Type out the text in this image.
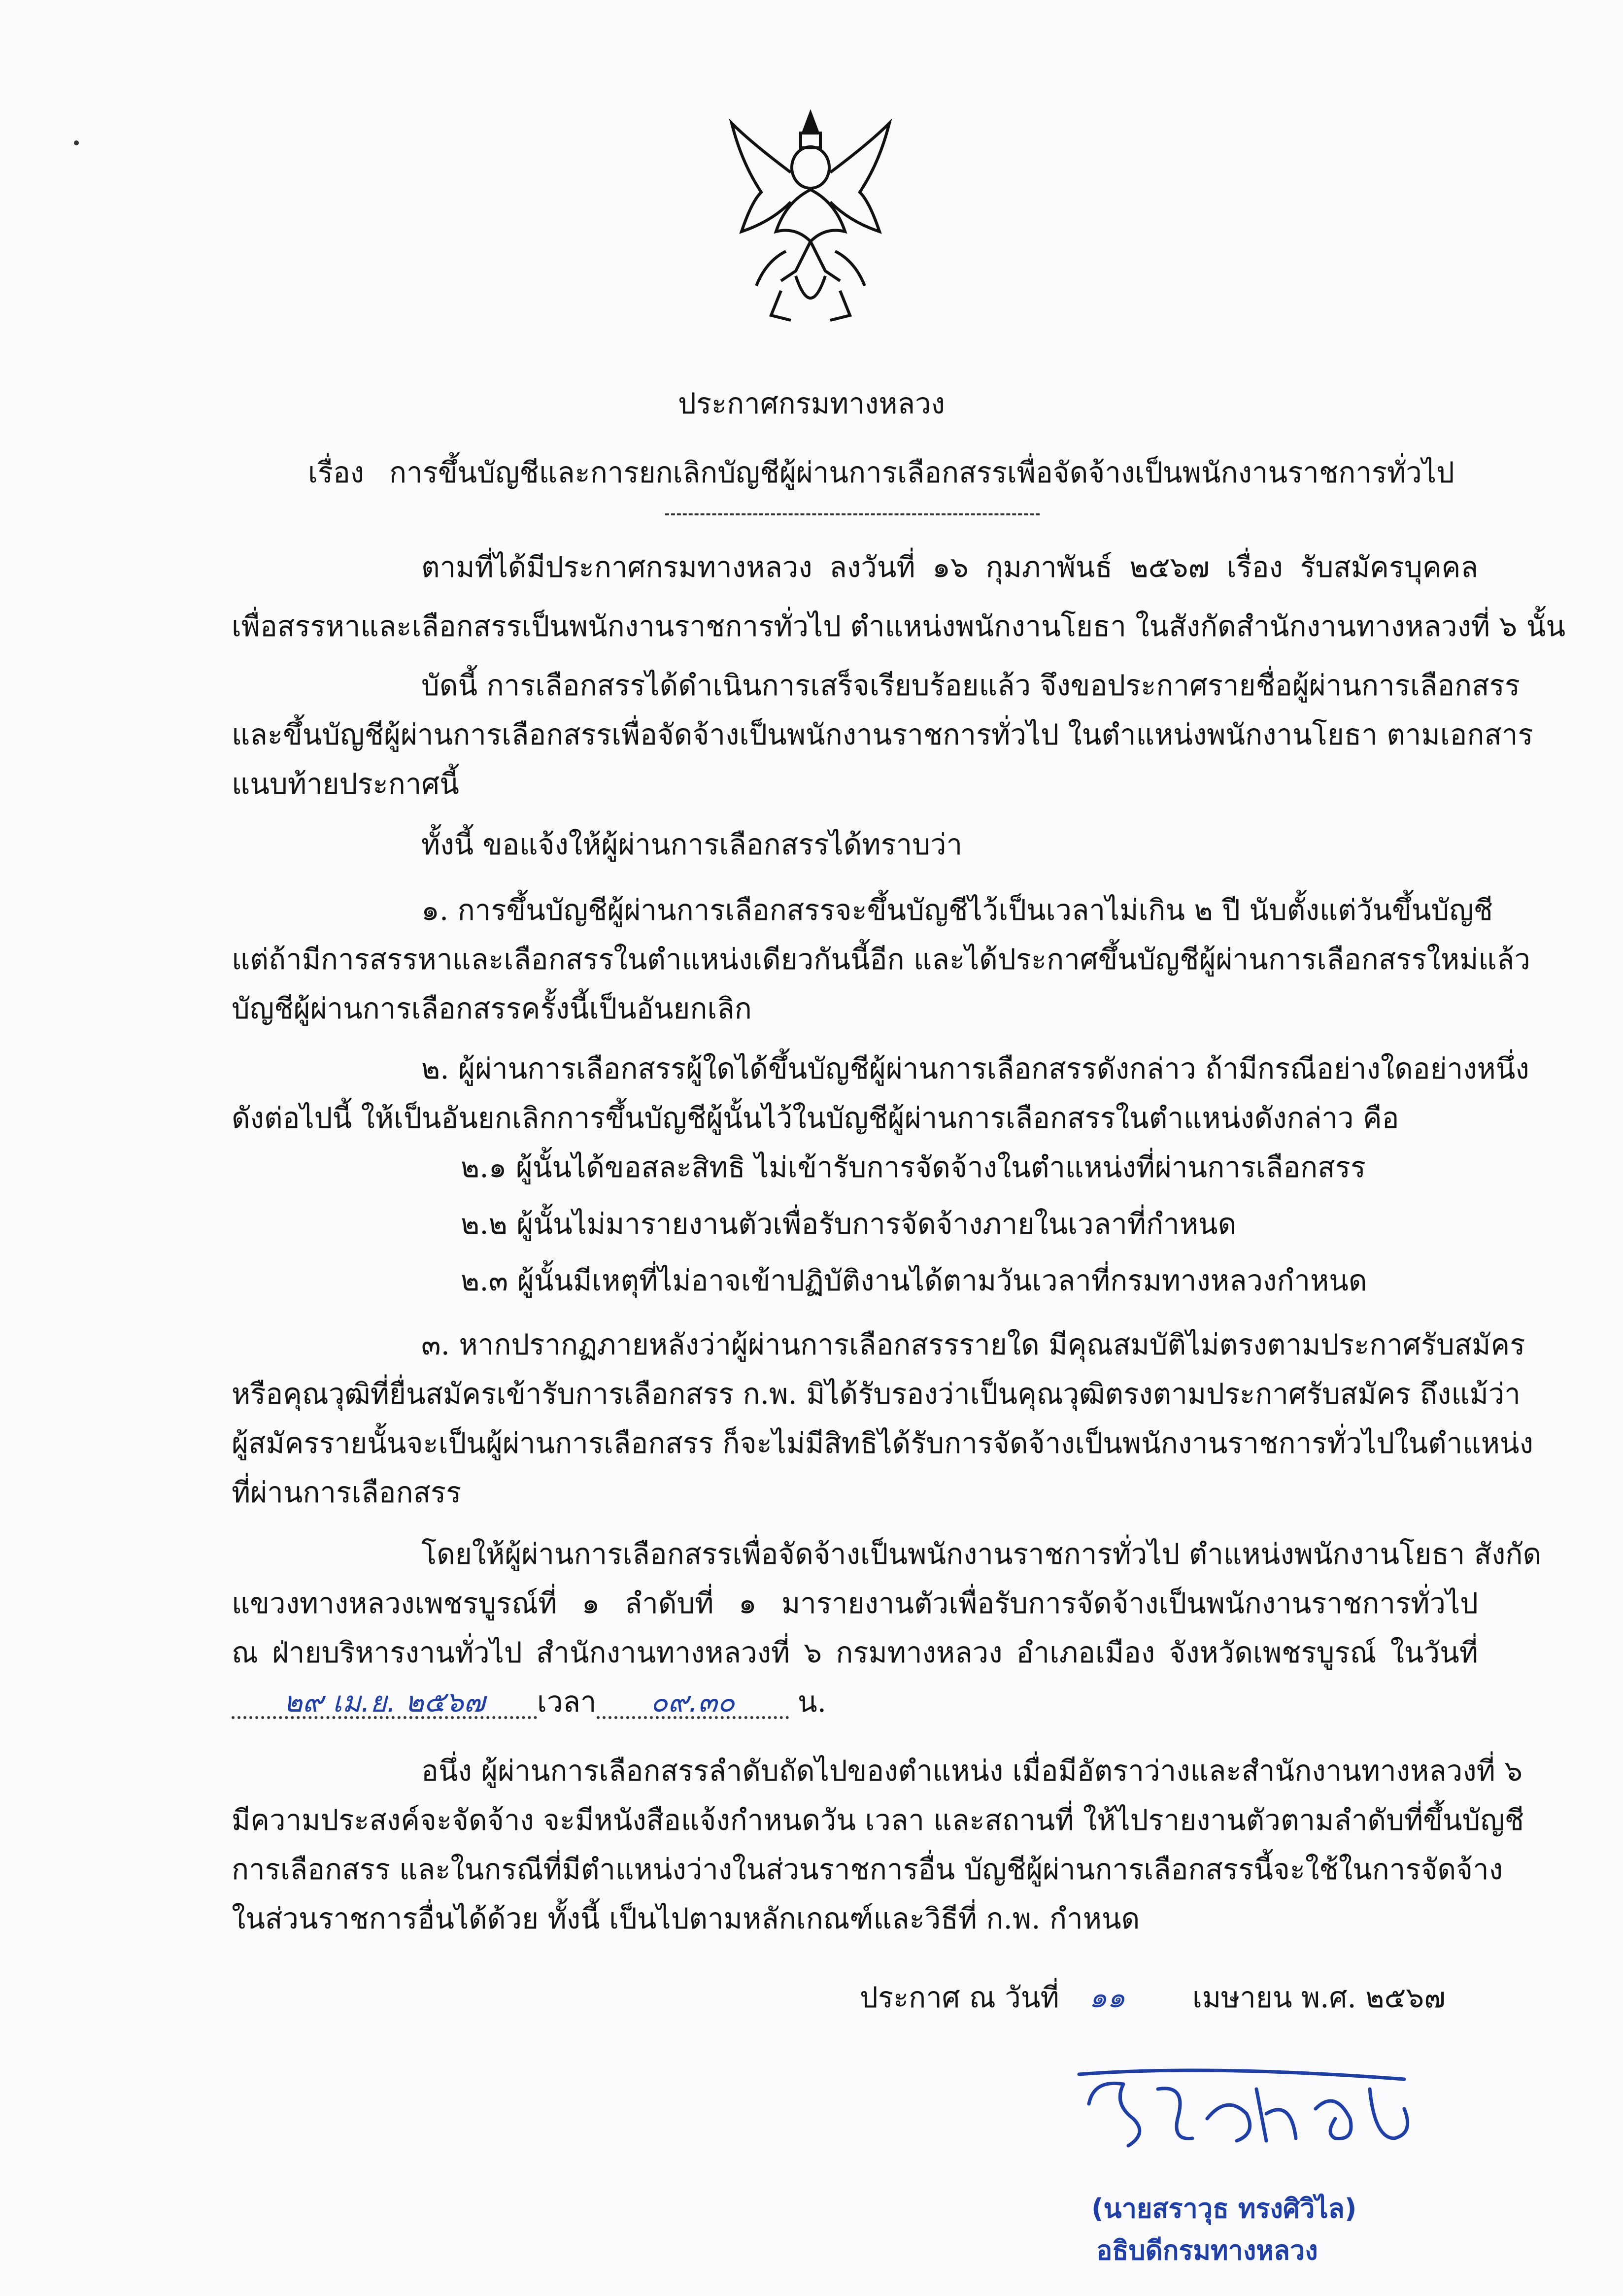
ประกาศกรมทางหลวง

เรื่อง การขึ้นบัญชีและการยกเลิกบัญชีผู้ผ่านการเลือกสรรเพื่อจัดจ้างเป็นพนักงานราชการทั่วไป

ตามที่ได้มีประกาศกรมทางหลวง ลงวันที่ ๑๖ กุมภาพันธ์ ๒๕๖๗ เรื่อง รับสมัครบุคคล

เพื่อสรรหาและเลือกสรรเป็นพนักงานราชการทั่วไป ตำแหน่งพนักงานโยธา ในสังกัดสำนักงานทางหลวงที่ ๖ นั้น

บัดนี้ การเลือกสรรได้ดำเนินการเสร็จเรียบร้อยแล้ว จึงขอประกาศรายชื่อผู้ผ่านการเลือกสรร

และขึ้นบัญชีผู้ผ่านการเลือกสรรเพื่อจัดจ้างเป็นพนักงานราชการทั่วไป ในตำแหน่งพนักงานโยธา ตามเอกสาร

แนบท้ายประกาศนี้

ทั้งนี้ ขอแจ้งให้ผู้ผ่านการเลือกสรรได้ทราบว่า

๑. การขึ้นบัญชีผู้ผ่านการเลือกสรรจะขึ้นบัญชีไว้เป็นเวลาไม่เกิน ๒ ปี นับตั้งแต่วันขึ้นบัญชี

แต่ถ้ามีการสรรหาและเลือกสรรในตำแหน่งเดียวกันนี้อีก และได้ประกาศขึ้นบัญชีผู้ผ่านการเลือกสรรใหม่แล้ว

บัญชีผู้ผ่านการเลือกสรรครั้งนี้เป็นอันยกเลิก

๒. ผู้ผ่านการเลือกสรรผู้ใดได้ขึ้นบัญชีผู้ผ่านการเลือกสรรดังกล่าว ถ้ามีกรณีอย่างใดอย่างหนึ่ง

ดังต่อไปนี้ ให้เป็นอันยกเลิกการขึ้นบัญชีผู้นั้นไว้ในบัญชีผู้ผ่านการเลือกสรรในตำแหน่งดังกล่าว คือ

๒.๑ ผู้นั้นได้ขอสละสิทธิ ไม่เข้ารับการจัดจ้างในตำแหน่งที่ผ่านการเลือกสรร

๒.๒ ผู้นั้นไม่มารายงานตัวเพื่อรับการจัดจ้างภายในเวลาที่กำหนด

๒.๓ ผู้นั้นมีเหตุที่ไม่อาจเข้าปฏิบัติงานได้ตามวันเวลาที่กรมทางหลวงกำหนด

๓. หากปรากฏภายหลังว่าผู้ผ่านการเลือกสรรรายใด มีคุณสมบัติไม่ตรงตามประกาศรับสมัคร

หรือคุณวุฒิที่ยื่นสมัครเข้ารับการเลือกสรร ก.พ. มิได้รับรองว่าเป็นคุณวุฒิตรงตามประกาศรับสมัคร ถึงแม้ว่า

ผู้สมัครรายนั้นจะเป็นผู้ผ่านการเลือกสรร ก็จะไม่มีสิทธิได้รับการจัดจ้างเป็นพนักงานราชการทั่วไปในตำแหน่ง

ที่ผ่านการเลือกสรร

โดยให้ผู้ผ่านการเลือกสรรเพื่อจัดจ้างเป็นพนักงานราชการทั่วไป ตำแหน่งพนักงานโยธา สังกัด

แขวงทางหลวงเพชรบูรณ์ที่ ๑ ลำดับที่ ๑ มารายงานตัวเพื่อรับการจัดจ้างเป็นพนักงานราชการทั่วไป

ณ ฝ่ายบริหารงานทั่วไป สำนักงานทางหลวงที่ ๖ กรมทางหลวง อำเภอเมือง จังหวัดเพชรบูรณ์ ในวันที่

๒๙ เม.ย. ๒๕๖๗ เวลา ๐๙.๓๐ น.

อนึ่ง ผู้ผ่านการเลือกสรรลำดับถัดไปของตำแหน่ง เมื่อมีอัตราว่างและสำนักงานทางหลวงที่ ๖

มีความประสงค์จะจัดจ้าง จะมีหนังสือแจ้งกำหนดวัน เวลา และสถานที่ ให้ไปรายงานตัวตามลำดับที่ขึ้นบัญชี

การเลือกสรร และในกรณีที่มีตำแหน่งว่างในส่วนราชการอื่น บัญชีผู้ผ่านการเลือกสรรนี้จะใช้ในการจัดจ้าง

ในส่วนราชการอื่นได้ด้วย ทั้งนี้ เป็นไปตามหลักเกณฑ์และวิธีที่ ก.พ. กำหนด

ประกาศ ณ วันที่ ๑๑ เมษายน พ.ศ. ๒๕๖๗

(นายสราวุธ ทรงศิวิไล)

อธิบดีกรมทางหลวง
